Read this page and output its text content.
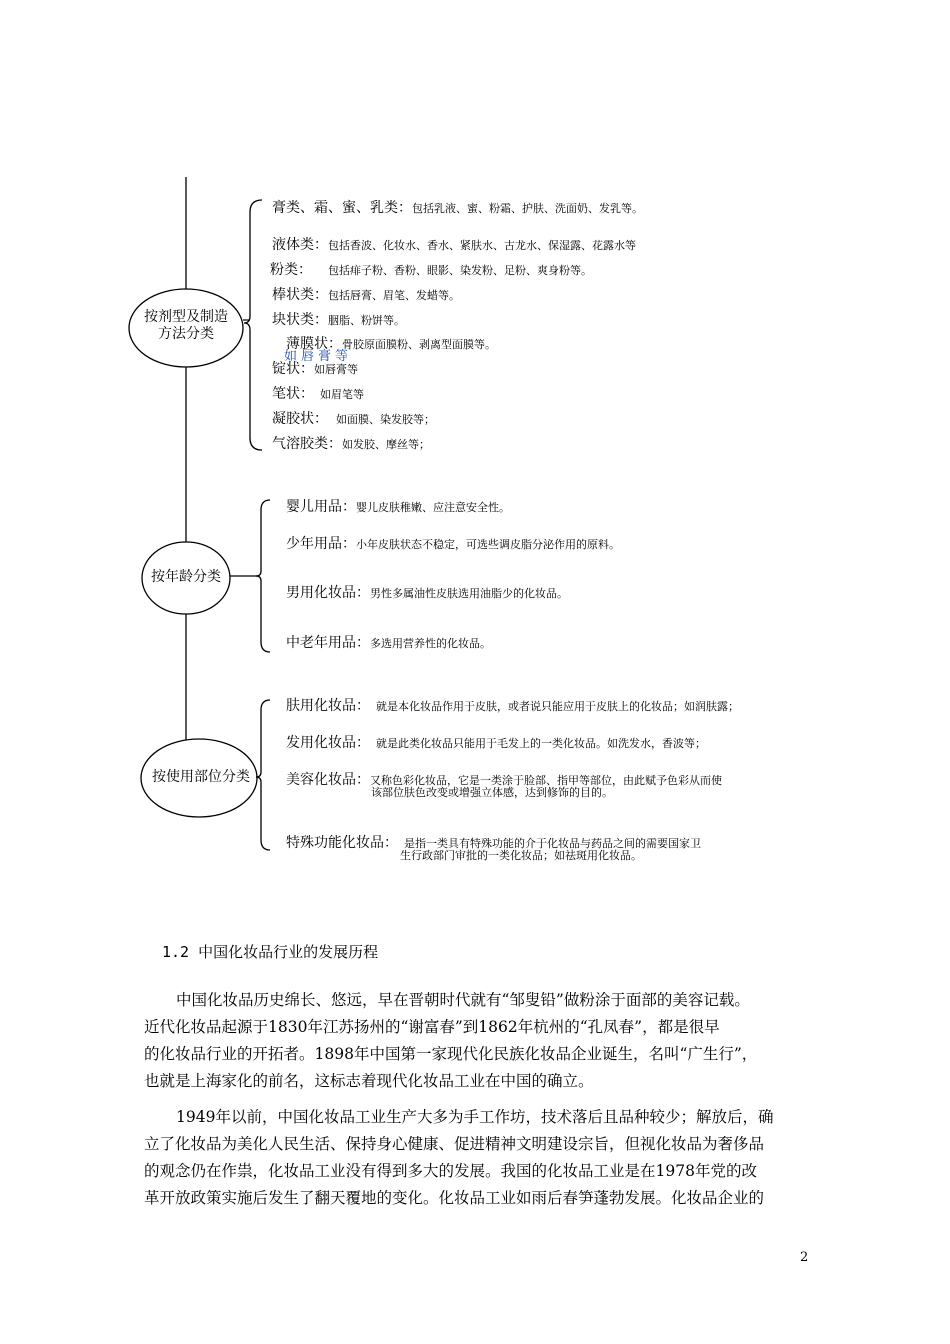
按剂型及制造
方法分类
按年龄分类
按使用部位分类
膏类、霜、蜜、乳类：包括乳液、蜜、粉霜、护肤、洗面奶、发乳等。
液体类：包括香波、化妆水、香水、紧肤水、古龙水、保湿露、花露水等
粉类： 包括痱子粉、香粉、眼影、染发粉、足粉、爽身粉等。
棒状类：包括唇膏、眉笔、发蜡等。
块状类：胭脂、粉饼等。
薄膜状：骨胶原面膜粉、剥离型面膜等。
如唇膏等
锭状：如唇膏等
笔状： 如眉笔等
凝胶状： 如面膜、染发胶等；
气溶胶类：如发胶、摩丝等；
婴儿用品：婴儿皮肤稚嫩、应注意安全性。
少年用品：小年皮肤状态不稳定，可选些调皮脂分泌作用的原料。
男用化妆品：男性多属油性皮肤选用油脂少的化妆品。
中老年用品：多选用营养性的化妆品。
肤用化妆品： 就是本化妆品作用于皮肤，或者说只能应用于皮肤上的化妆品；如润肤露；
发用化妆品： 就是此类化妆品只能用于毛发上的一类化妆品。如洗发水，香波等；
美容化妆品：又称色彩化妆品，它是一类涂于脸部、指甲等部位，由此赋予色彩从而使
该部位肤色改变或增强立体感，达到修饰的目的。
特殊功能化妆品： 是指一类具有特殊功能的介于化妆品与药品之间的需要国家卫
生行政部门审批的一类化妆品；如祛斑用化妆品。
1.2 中国化妆品行业的发展历程
中国化妆品历史绵长、悠远，早在晋朝时代就有“邹叟铅”做粉涂于面部的美容记载。
近代化妆品起源于1830年江苏扬州的“谢富春”到1862年杭州的“孔凤春”，都是很早
的化妆品行业的开拓者。1898年中国第一家现代化民族化妆品企业诞生，名叫“广生行”，
也就是上海家化的前名，这标志着现代化妆品工业在中国的确立。
1949年以前，中国化妆品工业生产大多为手工作坊，技术落后且品种较少；解放后，确
立了化妆品为美化人民生活、保持身心健康、促进精神文明建设宗旨，但视化妆品为奢侈品
的观念仍在作祟，化妆品工业没有得到多大的发展。我国的化妆品工业是在1978年党的改
革开放政策实施后发生了翻天覆地的变化。化妆品工业如雨后春笋蓬勃发展。化妆品企业的
2
